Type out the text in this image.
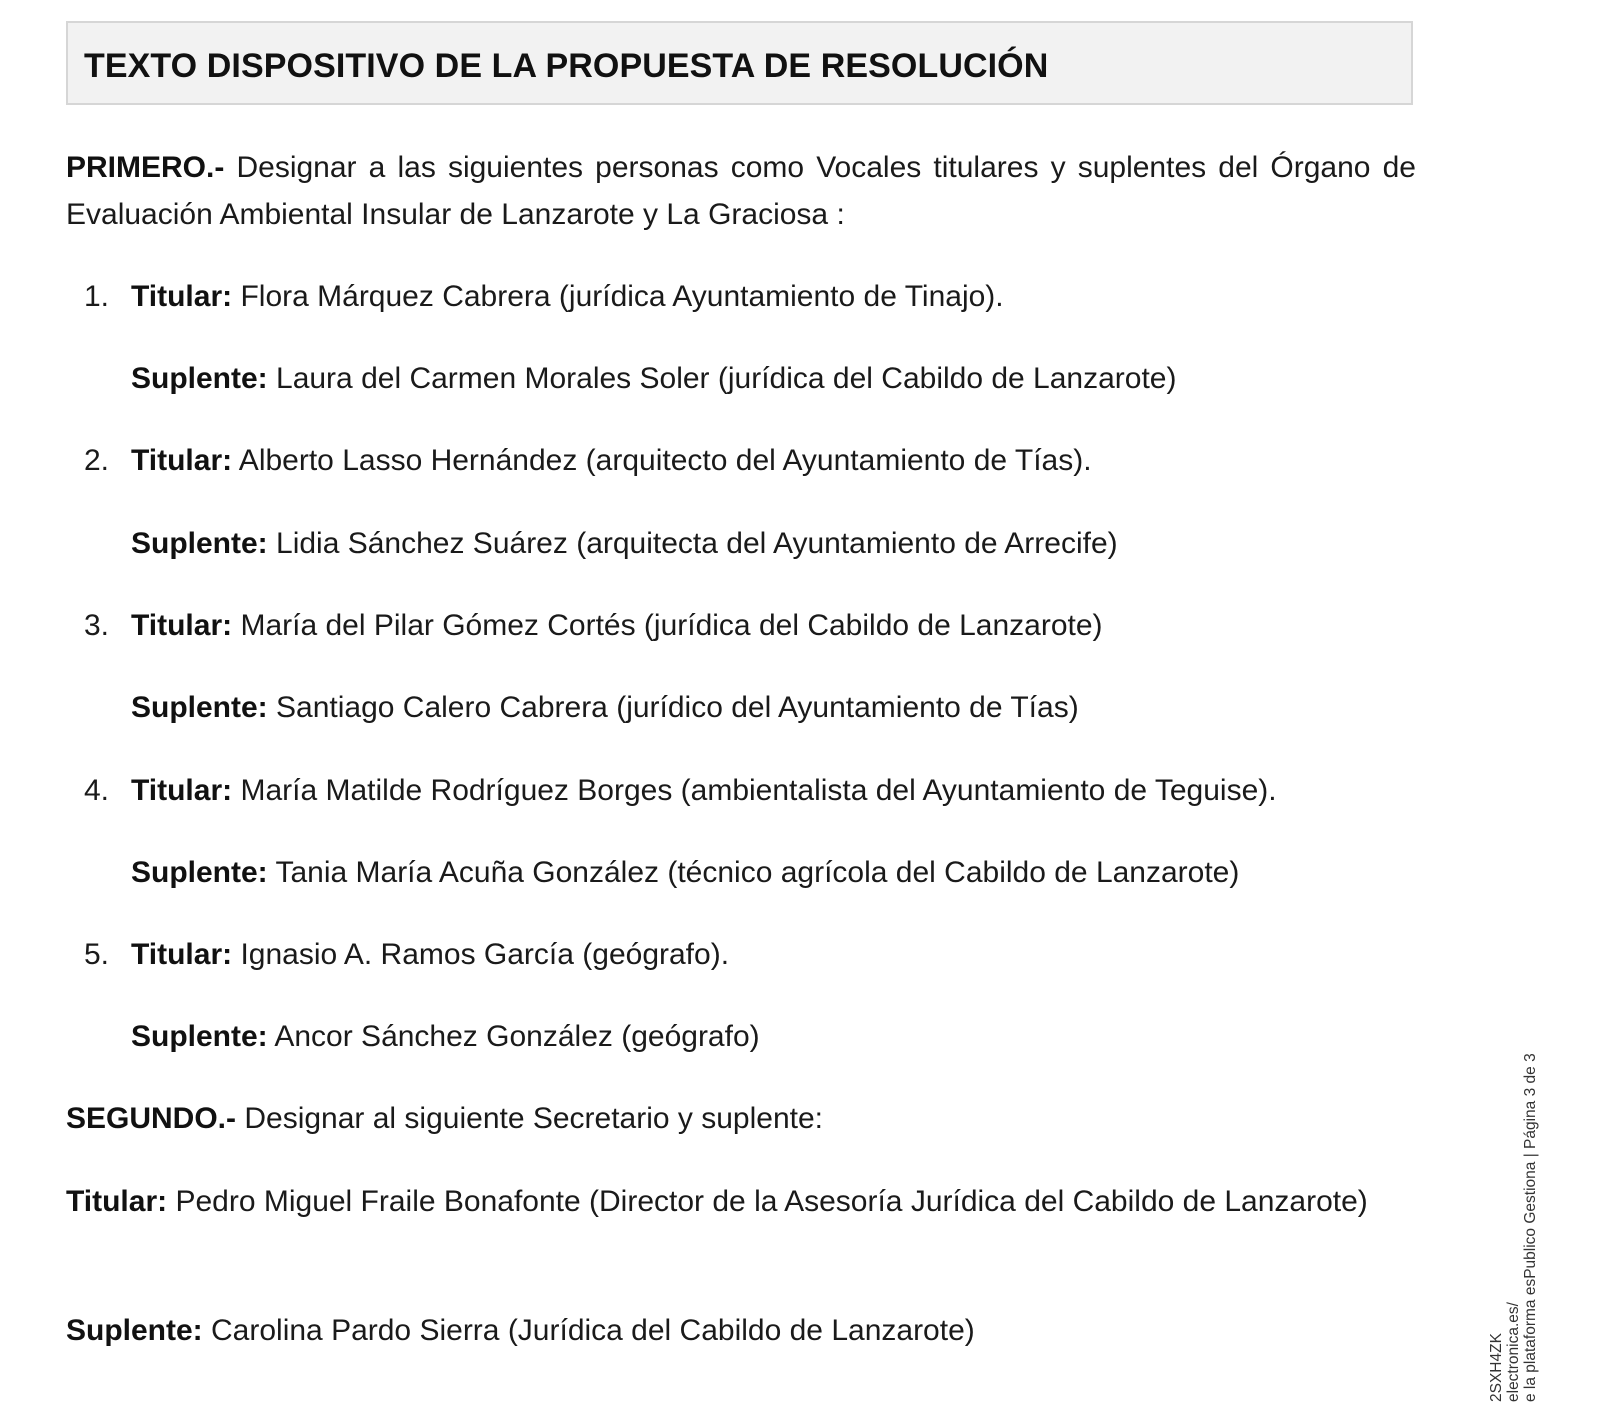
TEXTO DISPOSITIVO DE LA PROPUESTA DE RESOLUCIÓN
PRIMERO.- Designar a las siguientes personas como Vocales titulares y suplentes del Órgano de Evaluación Ambiental Insular de Lanzarote y La Graciosa :
1. Titular: Flora Márquez Cabrera (jurídica Ayuntamiento de Tinajo).
Suplente: Laura del Carmen Morales Soler (jurídica del Cabildo de Lanzarote)
2. Titular: Alberto Lasso Hernández (arquitecto del Ayuntamiento de Tías).
Suplente: Lidia Sánchez Suárez (arquitecta del Ayuntamiento de Arrecife)
3. Titular: María del Pilar Gómez Cortés (jurídica del Cabildo de Lanzarote)
Suplente: Santiago Calero Cabrera (jurídico del Ayuntamiento de Tías)
4. Titular: María Matilde Rodríguez Borges (ambientalista del Ayuntamiento de Teguise).
Suplente: Tania María Acuña González (técnico agrícola del Cabildo de Lanzarote)
5. Titular: Ignasio A. Ramos García (geógrafo).
Suplente: Ancor Sánchez González (geógrafo)
SEGUNDO.- Designar al siguiente Secretario y suplente:
Titular: Pedro Miguel Fraile Bonafonte (Director de la Asesoría Jurídica del Cabildo de Lanzarote)
Suplente: Carolina Pardo Sierra (Jurídica del Cabildo de Lanzarote)
2SXH4ZK electronica.es/ e la plataforma esPublico Gestiona | Página 3 de 3
